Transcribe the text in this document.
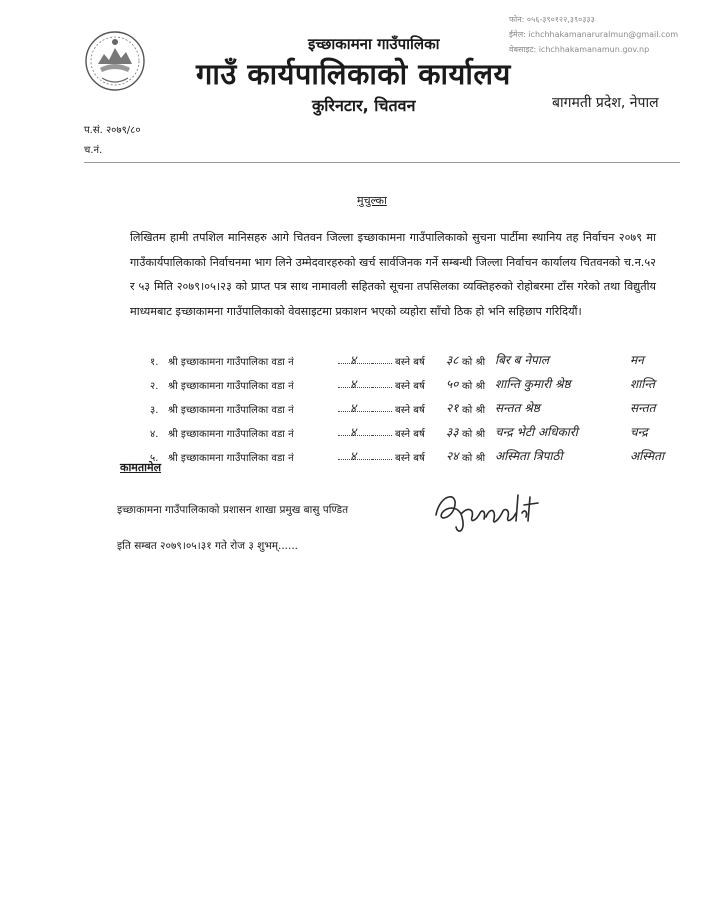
इच्छाकामना गाउँपालिका
गाउँ कार्यपालिकाको कार्यालय
कुरिनटार, चितवन	बागमती प्रदेश, नेपाल
फोन: ०५६-३९०१२२,३९०३३३
ईमेल: ichchhakamanaruralmun@gmail.com
वेबसाइट: ichchhakamanamun.gov.np
प.सं. २०७९/८०
च.नं.
मुचुल्का
लिखितम हामी तपशिल मानिसहरु आगे चितवन जिल्ला इच्छाकामना गाउँपालिकाको सुचना पार्टीमा स्थानिय तह निर्वाचन २०७९ मा गाउँकार्यपालिकाको निर्वाचनमा भाग लिने उम्मेदवारहरुको खर्च सार्वजिनक गर्ने सम्बन्धी जिल्ला निर्वाचन कार्यालय चितवनको च.न.५२ र ५३ मिति २०७९।०५।२३ को प्राप्त पत्र साथ नामावली सहितको सूचना तपसिलका व्यक्तिहरुको रोहोबरमा टाँस गरेको तथा विद्युतीय माध्यमबाट इच्छाकामना गाउँपालिकाको वेवसाइटमा प्रकाशन भएको व्यहोरा साँचो ठिक हो भनि सहिछाप गरिदियौं।
१. श्री इच्छाकामना गाउँपालिका वडा नं	४	बस्ने बर्ष ३८ को श्री बिर ब नेपाल	मन
२. श्री इच्छाकामना गाउँपालिका वडा नं	४	बस्ने बर्ष ५० को श्री शान्ति कुमारी श्रेष्ठ	शान्ति
३. श्री इच्छाकामना गाउँपालिका वडा नं	४	बस्ने बर्ष २१ को श्री सन्तत श्रेष्ठ	सन्तत
४. श्री इच्छाकामना गाउँपालिका वडा नं	४	बस्ने बर्ष ३३ को श्री चन्द्र भेटी अधिकारी	चन्द्र
५. श्री इच्छाकामना गाउँपालिका वडा नं	४	बस्ने बर्ष २४ को श्री अस्मिता त्रिपाठी	अस्मिता
कामतामेल
इच्छाकामना गाउँपालिकाको प्रशासन शाखा प्रमुख बासु पण्डित
इति सम्बत २०७९।०५।३१ गते रोज ३ शुभम्......
